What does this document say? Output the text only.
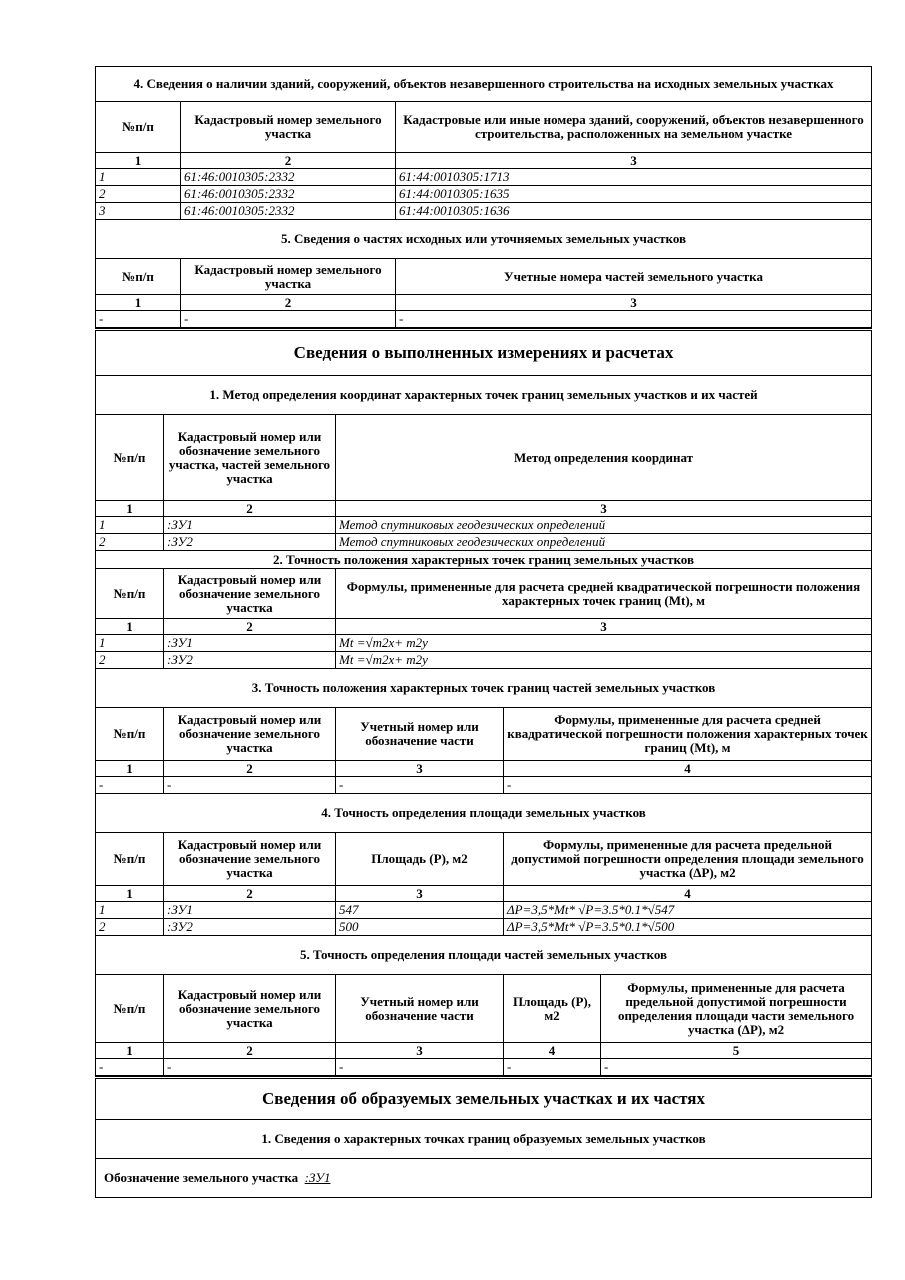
4. Сведения о наличии зданий, сооружений, объектов незавершенного строительства на исходных земельных участках		
№п/п	Кадастровый номер земельного участка	Кадастровые или иные номера зданий, сооружений, объектов незавершенного строительства, расположенных на земельном участке
1	2	3
1	61:46:0010305:2332	61:44:0010305:1713
2	61:46:0010305:2332	61:44:0010305:1635
3	61:46:0010305:2332	61:44:0010305:1636
5. Сведения о частях исходных или уточняемых земельных участков		
№п/п	Кадастровый номер земельного участка	Учетные номера частей земельного участка
1	2	3
-	-	-
Сведения о выполненных измерениях и расчетах				
1. Метод определения координат характерных точек границ земельных участков и их частей				
№п/п	Кадастровый номер или обозначение земельного участка, частей земельного участка	Метод определения координат		
1	2	3		
1	:ЗУ1	Метод спутниковых геодезических определений		
2	:ЗУ2	Метод спутниковых геодезических определений		
2. Точность положения характерных точек границ земельных участков				
№п/п	Кадастровый номер или обозначение земельного участка	Формулы, примененные для расчета средней квадратической погрешности положения характерных точек границ (Mt), м		
1	2	3		
1	:ЗУ1	Mt =√m2x+ m2y		
2	:ЗУ2	Mt =√m2x+ m2y		
3. Точность положения характерных точек границ частей земельных участков				
№п/п	Кадастровый номер или обозначение земельного участка	Учетный номер или обозначение части	Формулы, примененные для расчета средней квадратической погрешности положения характерных точек границ (Mt), м	
1	2	3	4	
-	-	-	-	
4. Точность определения площади земельных участков				
№п/п	Кадастровый номер или обозначение земельного участка	Площадь (P), м2	Формулы, примененные для расчета предельной допустимой погрешности определения площади земельного участка (ΔP), м2	
1	2	3	4	
1	:ЗУ1	547	ΔP=3,5*Mt* √P=3.5*0.1*√547	
2	:ЗУ2	500	ΔP=3,5*Mt* √P=3.5*0.1*√500	
5. Точность определения площади частей земельных участков				
№п/п	Кадастровый номер или обозначение земельного участка	Учетный номер или обозначение части	Площадь (P), м2	Формулы, примененные для расчета предельной допустимой погрешности определения площади части земельного участка (ΔP), м2
1	2	3	4	5
-	-	-	-	-
Сведения об образуемых земельных участках и их частях
1. Сведения о характерных точках границ образуемых земельных участков
Обозначение земельного участка :ЗУ1
